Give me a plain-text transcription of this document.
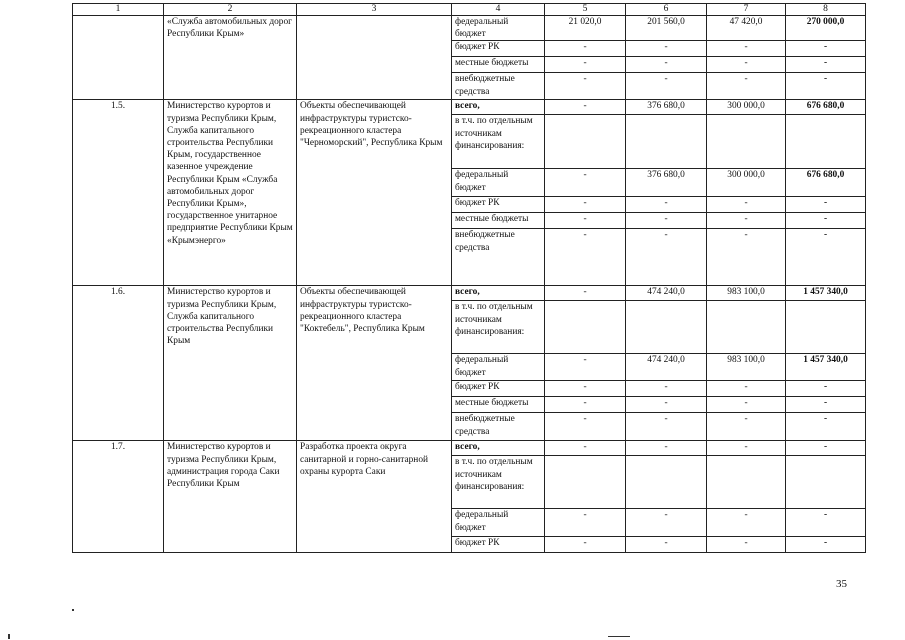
1	2	3	4	5	6	7	8
	«Служба автомобильных дорог Республики Крым»		федеральный бюджет	21 020,0	201 560,0	47 420,0	270 000,0
			бюджет РК	-	-	-	-
			местные бюджеты	-	-	-	-
			внебюджетные средства	-	-	-	-
1.5.	Министерство курортов и туризма Республики Крым, Служба капитального строительства Республики Крым, государственное казенное учреждение Республики Крым «Служба автомобильных дорог Республики Крым», государственное унитарное предприятие Республики Крым «Крымэнерго»	Объекты обеспечивающей инфраструктуры туристско-рекреационного кластера "Черноморский", Республика Крым	всего,	-	376 680,0	300 000,0	676 680,0
			в т.ч. по отдельным источникам финансирования:				
			федеральный бюджет	-	376 680,0	300 000,0	676 680,0
			бюджет РК	-	-	-	-
			местные бюджеты	-	-	-	-
			внебюджетные средства	-	-	-	-
1.6.	Министерство курортов и туризма Республики Крым, Служба капитального строительства Республики Крым	Объекты обеспечивающей инфраструктуры туристско-рекреационного кластера "Коктебель", Республика Крым	всего,	-	474 240,0	983 100,0	1 457 340,0
			в т.ч. по отдельным источникам финансирования:				
			федеральный бюджет	-	474 240,0	983 100,0	1 457 340,0
			бюджет РК	-	-	-	-
			местные бюджеты	-	-	-	-
			внебюджетные средства	-	-	-	-
1.7.	Министерство курортов и туризма Республики Крым, администрация города Саки Республики Крым	Разработка проекта округа санитарной и горно-санитарной охраны курорта Саки	всего,	-	-	-	-
			в т.ч. по отдельным источникам финансирования:				
			федеральный бюджет	-	-	-	-
			бюджет РК	-	-	-	-
35
